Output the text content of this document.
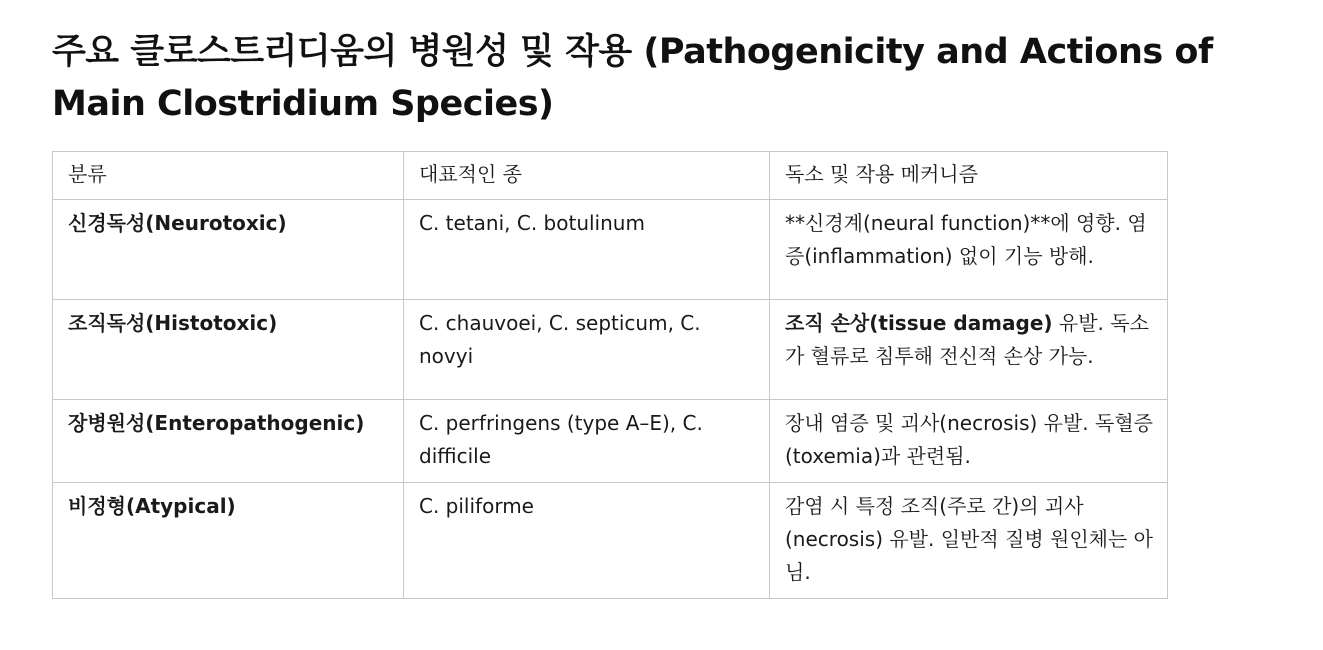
주요 클로스트리디움의 병원성 및 작용 (Pathogenicity and Actions of Main Clostridium Species)
분류	대표적인 종	독소 및 작용 메커니즘
신경독성(Neurotoxic)	C. tetani, C. botulinum	**신경계(neural function)**에 영향. 염증(inflammation) 없이 기능 방해.
조직독성(Histotoxic)	C. chauvoei, C. septicum, C. novyi	조직 손상(tissue damage) 유발. 독소가 혈류로 침투해 전신적 손상 가능.
장병원성(Enteropathogenic)	C. perfringens (type A–E), C. difficile	장내 염증 및 괴사(necrosis) 유발. 독혈증(toxemia)과 관련됨.
비정형(Atypical)	C. piliforme	감염 시 특정 조직(주로 간)의 괴사(necrosis) 유발. 일반적 질병 원인체는 아님.
